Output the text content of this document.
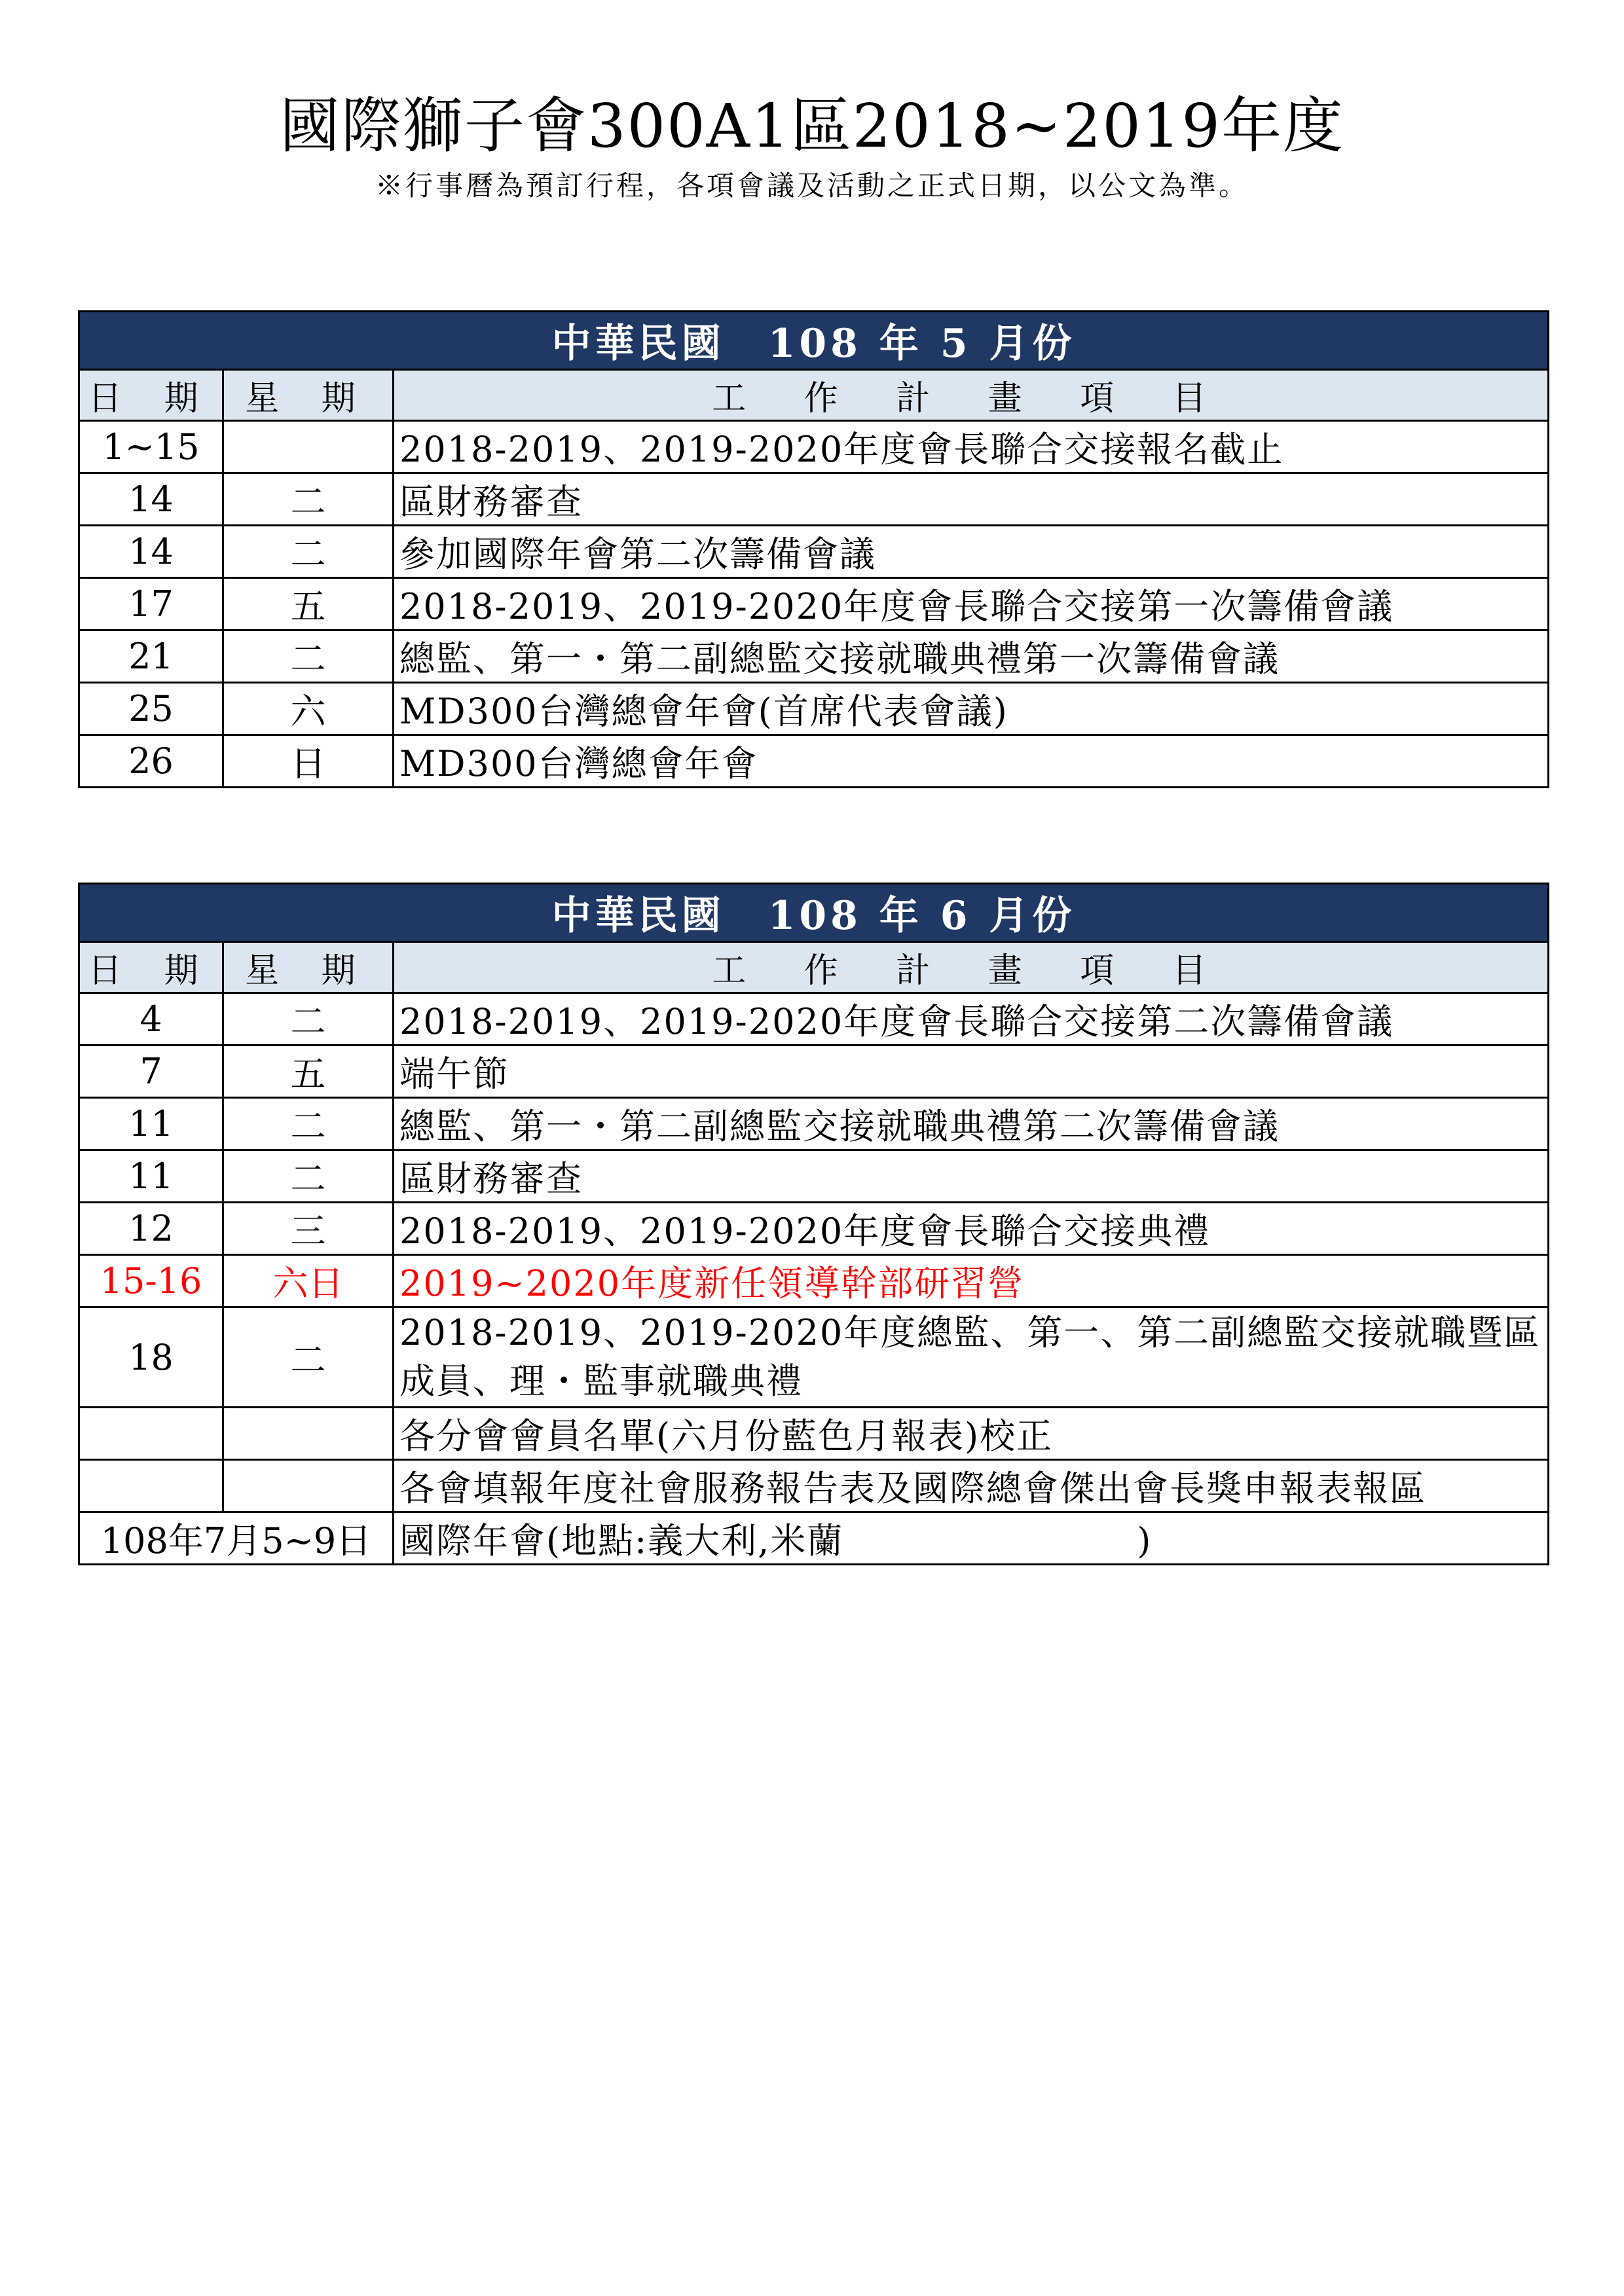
國際獅子會300A1區2018~2019年度
※行事曆為預訂行程，各項會議及活動之正式日期，以公文為準。
中華民國　108 年 5 月份		
日 期	星 期	工 作 計 畫 項 目
1~15		2018-2019、2019-2020年度會長聯合交接報名截止
14	二	區財務審查
14	二	參加國際年會第二次籌備會議
17	五	2018-2019、2019-2020年度會長聯合交接第一次籌備會議
21	二	總監、第一・第二副總監交接就職典禮第一次籌備會議
25	六	MD300台灣總會年會(首席代表會議)
26	日	MD300台灣總會年會
中華民國　108 年 6 月份		
日 期	星 期	工 作 計 畫 項 目
4	二	2018-2019、2019-2020年度會長聯合交接第二次籌備會議
7	五	端午節
11	二	總監、第一・第二副總監交接就職典禮第二次籌備會議
11	二	區財務審查
12	三	2018-2019、2019-2020年度會長聯合交接典禮
15-16	六日	2019~2020年度新任領導幹部研習營
18	二	2018-2019、2019-2020年度總監、第一、第二副總監交接就職暨區成員、理・監事就職典禮
		各分會會員名單(六月份藍色月報表)校正
		各會填報年度社會服務報告表及國際總會傑出會長獎申報表報區
108年7月5~9日		國際年會(地點:義大利,米蘭　　　　　　　　)
